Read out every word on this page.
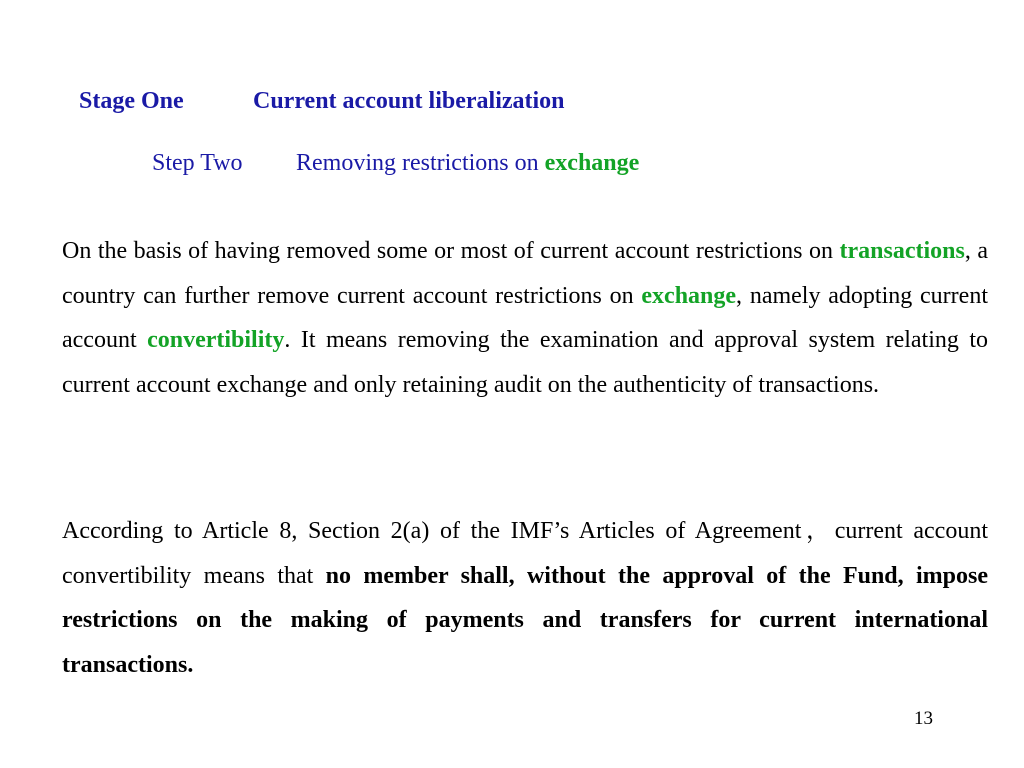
Stage One	Current account liberalization
Step Two Removing restrictions on exchange
On the basis of having removed some or most of current account restrictions on transactions, a country can further remove current account restrictions on exchange, namely adopting current account convertibility. It means removing the examination and approval system relating to current account exchange and only retaining audit on the authenticity of transactions.
According to Article 8, Section 2(a) of the IMF’s Articles of Agreement，current account convertibility means that no member shall, without the approval of the Fund, impose restrictions on the making of payments and transfers for current international transactions.
13
